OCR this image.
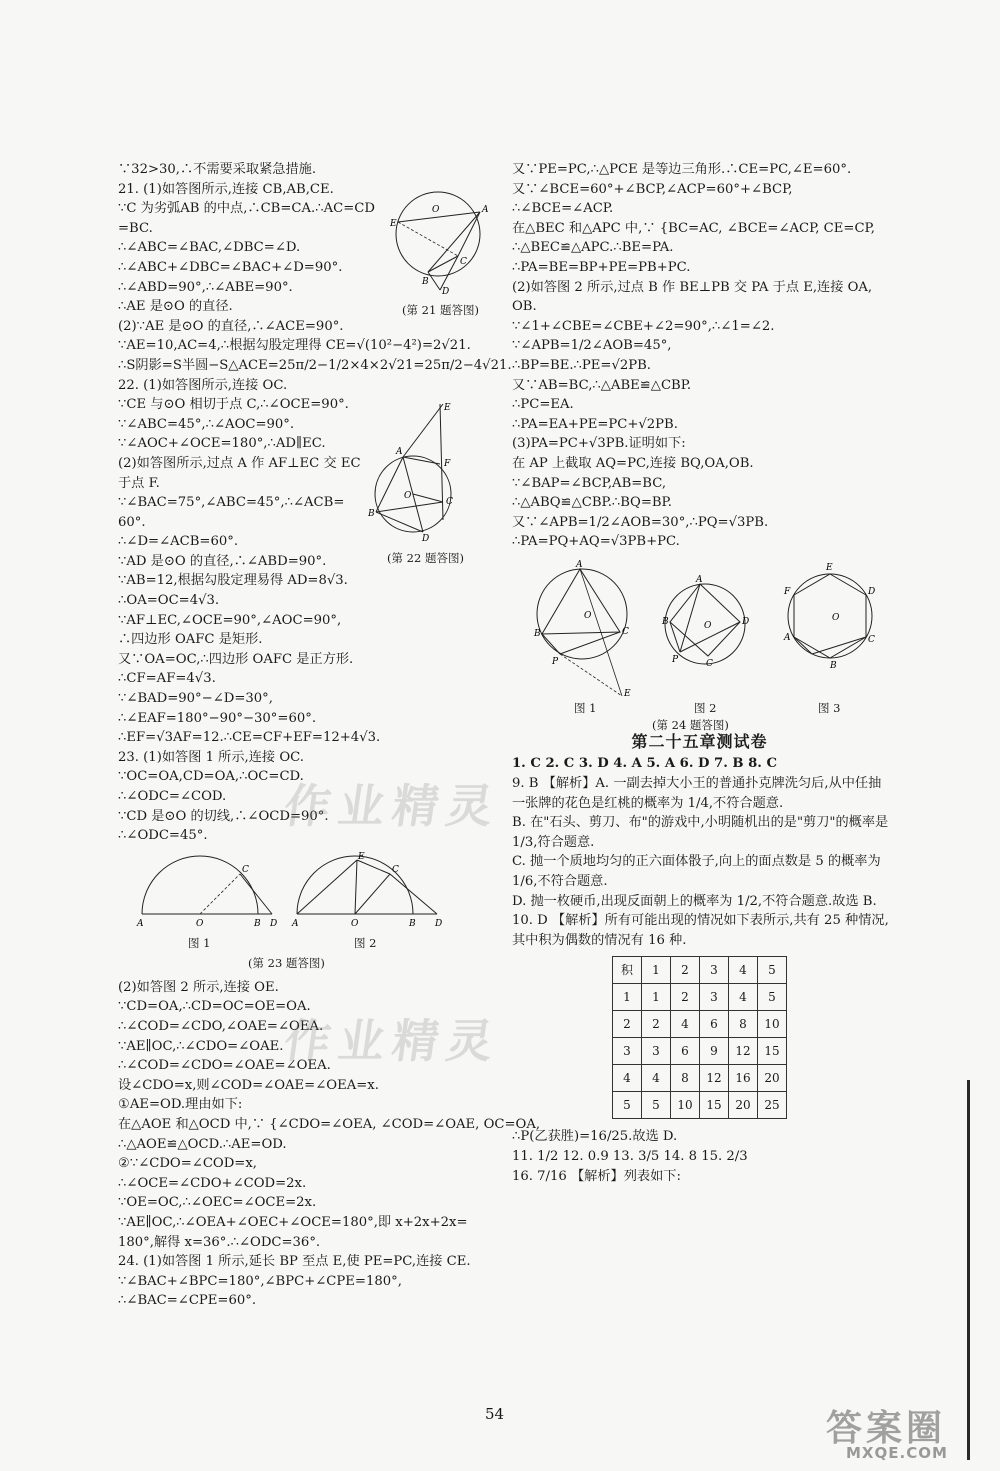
∵32>30,∴不需要采取紧急措施.
21. (1)如答图所示,连接 CB,AB,CE.
∵C 为劣弧AB 的中点,∴CB=CA.∴AC=CD
=BC.
∴∠ABC=∠BAC,∠DBC=∠D.
∴∠ABC+∠DBC=∠BAC+∠D=90°.
∴∠ABD=90°,∴∠ABE=90°.
∴AE 是⊙O 的直径.
O
E
A
B
C
D
(第 21 题答图)
(2)∵AE 是⊙O 的直径,∴∠ACE=90°.
∵AE=10,AC=4,∴根据勾股定理得 CE=√(10²−4²)=2√21.
∴S阴影=S半圆−S△ACE=25π/2−1/2×4×2√21=25π/2−4√21.
22. (1)如答图所示,连接 OC.
∵CE 与⊙O 相切于点 C,∴∠OCE=90°.
∵∠ABC=45°,∴∠AOC=90°.
∵∠AOC+∠OCE=180°,∴AD∥EC.
(2)如答图所示,过点 A 作 AF⊥EC 交 EC
于点 F.
∵∠BAC=75°,∠ABC=45°,∴∠ACB=
60°.
E
F
A
O
B
C
D
(第 22 题答图)
∴∠D=∠ACB=60°.
∵AD 是⊙O 的直径,∴∠ABD=90°.
∵AB=12,根据勾股定理易得 AD=8√3.
∴OA=OC=4√3.
∵AF⊥EC,∠OCE=90°,∠AOC=90°,
∴四边形 OAFC 是矩形.
又∵OA=OC,∴四边形 OAFC 是正方形.
∴CF=AF=4√3.
∵∠BAD=90°−∠D=30°,
∴∠EAF=180°−90°−30°=60°.
∴EF=√3AF=12.∴CE=CF+EF=12+4√3.
23. (1)如答图 1 所示,连接 OC.
∵OC=OA,CD=OA,∴OC=CD.
∴∠ODC=∠COD.
∵CD 是⊙O 的切线,∴∠OCD=90°.
∴∠ODC=45°.
A	O
C
B D A	O
E
C
B D
图 1	图 2
(第 23 题答图)
(2)如答图 2 所示,连接 OE.
∵CD=OA,∴CD=OC=OE=OA.
∴∠COD=∠CDO,∠OAE=∠OEA.
∵AE∥OC,∴∠CDO=∠OAE.
∴∠COD=∠CDO=∠OAE=∠OEA.
设∠CDO=x,则∠COD=∠OAE=∠OEA=x.
①AE=OD.理由如下:
在△AOE 和△OCD 中,∵ {∠CDO=∠OEA, ∠COD=∠OAE, OC=OA,
∴△AOE≌△OCD.∴AE=OD.
②∵∠CDO=∠COD=x,
∴∠OCE=∠CDO+∠COD=2x.
∵OE=OC,∴∠OEC=∠OCE=2x.
∵AE∥OC,∴∠OEA+∠OEC+∠OCE=180°,即 x+2x+2x=
180°,解得 x=36°.∴∠ODC=36°.
24. (1)如答图 1 所示,延长 BP 至点 E,使 PE=PC,连接 CE.
∵∠BAC+∠BPC=180°,∠BPC+∠CPE=180°,
∴∠BAC=∠CPE=60°.
又∵PE=PC,∴△PCE 是等边三角形.∴CE=PC,∠E=60°.
又∵∠BCE=60°+∠BCP,∠ACP=60°+∠BCP,
∴∠BCE=∠ACP.
在△BEC 和△APC 中,∵ {BC=AC, ∠BCE=∠ACP, CE=CP,
∴△BEC≌△APC.∴BE=PA.
∴PA=BE=BP+PE=PB+PC.
(2)如答图 2 所示,过点 B 作 BE⊥PB 交 PA 于点 E,连接 OA,
OB.
∵∠1+∠CBE=∠CBE+∠2=90°,∴∠1=∠2.
∵∠APB=1/2∠AOB=45°,
∴BP=BE.∴PE=√2PB.
又∵AB=BC,∴△ABE≌△CBP.
∴PC=EA.
∴PA=EA+PE=PC+√2PB.
(3)PA=PC+√3PB.证明如下:
在 AP 上截取 AQ=PC,连接 BQ,OA,OB.
∵∠BAP=∠BCP,AB=BC,
∴△ABQ≌△CBP.∴BQ=BP.
又∵∠APB=1/2∠AOB=30°,∴PQ=√3PB.
∴PA=PQ+AQ=√3PB+PC.
A
O
B	C
P
E
A
B	D
C
P
O
E
D
F
A	C
B
O
图 1	图 2	图 3
(第 24 题答图)
第二十五章测试卷
1. C 2. C 3. D 4. A 5. A 6. D 7. B 8. C
9. B 【解析】A. 一副去掉大小王的普通扑克牌洗匀后,从中任抽
一张牌的花色是红桃的概率为 1/4,不符合题意.
B. 在"石头、剪刀、布"的游戏中,小明随机出的是"剪刀"的概率是
1/3,符合题意.
C. 抛一个质地均匀的正六面体骰子,向上的面点数是 5 的概率为
1/6,不符合题意.
D. 抛一枚硬币,出现反面朝上的概率为 1/2,不符合题意.故选 B.
10. D 【解析】所有可能出现的情况如下表所示,共有 25 种情况,
其中积为偶数的情况有 16 种.
积	1	2	3	4	5
1	1	2	3	4	5
2	2	4	6	8	10
3	3	6	9	12	15
4	4	8	12	16	20
5	5	10	15	20	25
∴P(乙获胜)=16/25.故选 D.
11. 1/2 12. 0.9 13. 3/5 14. 8 15. 2/3
16. 7/16 【解析】列表如下:
作业精灵
作业精灵
54	答案圈
MXQE.COM
